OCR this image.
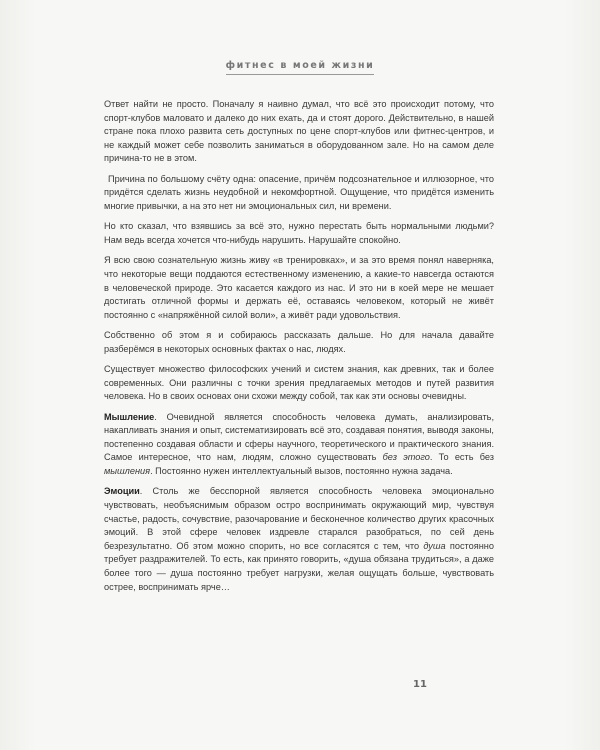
фитнес в моей жизни

Ответ найти не просто. Поначалу я наивно думал, что всё это происходит потому, что спорт-клубов маловато и далеко до них ехать, да и стоят дорого. Действительно, в нашей стране пока плохо развита сеть доступных по цене спорт-клубов или фитнес-центров, и не каждый может себе позволить заниматься в оборудованном зале. Но на самом деле причина-то не в этом.

Причина по большому счёту одна: опасение, причём подсознательное и иллюзорное, что придётся сделать жизнь неудобной и некомфортной. Ощущение, что придётся изменить многие привычки, а на это нет ни эмоциональных сил, ни времени.

Но кто сказал, что взявшись за всё это, нужно перестать быть нормальными людьми? Нам ведь всегда хочется что-нибудь нарушить. Нарушайте спокойно.

Я всю свою сознательную жизнь живу «в тренировках», и за это время понял наверняка, что некоторые вещи поддаются естественному изменению, а какие-то навсегда остаются в человеческой природе. Это касается каждого из нас. И это ни в коей мере не мешает достигать отличной формы и держать её, оставаясь человеком, который не живёт постоянно с «напряжённой силой воли», а живёт ради удовольствия.

Собственно об этом я и собираюсь рассказать дальше. Но для начала давайте разберёмся в некоторых основных фактах о нас, людях.

Существует множество философских учений и систем знания, как древних, так и более современных. Они различны с точки зрения предлагаемых методов и путей развития человека. Но в своих основах они схожи между собой, так как эти основы очевидны.

Мышление. Очевидной является способность человека думать, анализировать, накапливать знания и опыт, систематизировать всё это, создавая понятия, выводя законы, постепенно создавая области и сферы научного, теоретического и практического знания. Самое интересное, что нам, людям, сложно существовать без этого. То есть без мышления. Постоянно нужен интеллектуальный вызов, постоянно нужна задача.

Эмоции. Столь же бесспорной является способность человека эмоционально чувствовать, необъяснимым образом остро воспринимать окружающий мир, чувствуя счастье, радость, сочувствие, разочарование и бесконечное количество других красочных эмоций. В этой сфере человек издревле старался разобраться, по сей день безрезультатно. Об этом можно спорить, но все согласятся с тем, что душа постоянно требует раздражителей. То есть, как принято говорить, «душа обязана трудиться», а даже более того — душа постоянно требует нагрузки, желая ощущать больше, чувствовать острее, воспринимать ярче…

11
